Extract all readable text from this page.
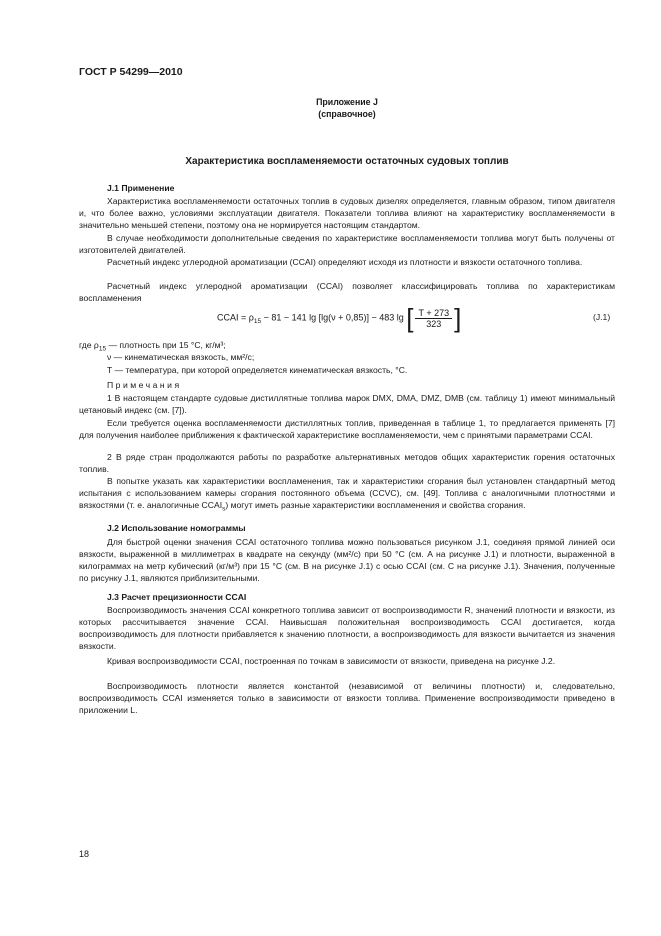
ГОСТ Р 54299—2010
Приложение J
(справочное)
Характеристика воспламеняемости остаточных судовых топлив
J.1 Применение

Характеристика воспламеняемости остаточных топлив в судовых дизелях определяется, главным образом, типом двигателя и, что более важно, условиями эксплуатации двигателя. Показатели топлива влияют на характеристику воспламеняемости в значительно меньшей степени, поэтому она не нормируется настоящим стандартом.

В случае необходимости дополнительные сведения по характеристике воспламеняемости топлива могут быть получены от изготовителей двигателей.

Расчетный индекс углеродной ароматизации (CCAI) определяют исходя из плотности и вязкости остаточного топлива.

Расчетный индекс углеродной ароматизации (CCAI) позволяет классифицировать топлива по характеристикам воспламенения

CCAI = $\rho_{15} - 81 - 141$ lg [lg(ν + 0,85)] − 483 lg [ $\frac{T + 273}{323}$ ]	(J.1)
где $\rho_{15}$ — плотность при 15 °С, кг/м³;
ν — кинематическая вязкость, мм²/с;
T — температура, при которой определяется кинематическая вязкость, °С.
Примечания

1 В настоящем стандарте судовые дистиллятные топлива марок DMX, DMA, DMZ, DMB (см. таблицу 1) имеют минимальный цетановый индекс (см. [7]).

Если требуется оценка воспламеняемости дистиллятных топлив, приведенная в таблице 1, то предлагается применять [7] для получения наиболее приближения к фактической характеристике воспламеняемости, чем с принятыми параметрами CCAI.

2 В ряде стран продолжаются работы по разработке альтернативных методов общих характеристик горения остаточных топлив.

В попытке указать как характеристики воспламенения, так и характеристики сгорания был установлен стандартный метод испытания с использованием камеры сгорания постоянного объема (CCVC), см. [49]. Топлива с аналогичными плотностями и вязкостями (т. е. аналогичные $CCAI_s$) могут иметь разные характеристики воспламенения и свойства сгорания.

J.2 Использование номограммы

Для быстрой оценки значения CCAI остаточного топлива можно пользоваться рисунком J.1, соединяя прямой линией оси вязкости, выраженной в миллиметрах в квадрате на секунду (мм²/с) при 50 °С (см. A на рисунке J.1) и плотности, выраженной в килограммах на метр кубический (кг/м³) при 15 °С (см. B на рисунке J.1) с осью CCAI (см. C на рисунке J.1). Значения, полученные по рисунку J.1, являются приблизительными.

J.3 Расчет прецизионности CCAI

Воспроизводимость значения CCAI конкретного топлива зависит от воспроизводимости R, значений плотности и вязкости, из которых рассчитывается значение CCAI. Наивысшая положительная воспроизводимость CCAI достигается, когда воспроизводимость для плотности прибавляется к значению плотности, а воспроизводимость для вязкости вычитается из значения вязкости.

Кривая воспроизводимости CCAI, построенная по точкам в зависимости от вязкости, приведена на рисунке J.2.

Воспроизводимость плотности является константой (независимой от величины плотности) и, следовательно, воспроизводимость CCAI изменяется только в зависимости от вязкости топлива. Применение воспроизводимости приведено в приложении L.

18
